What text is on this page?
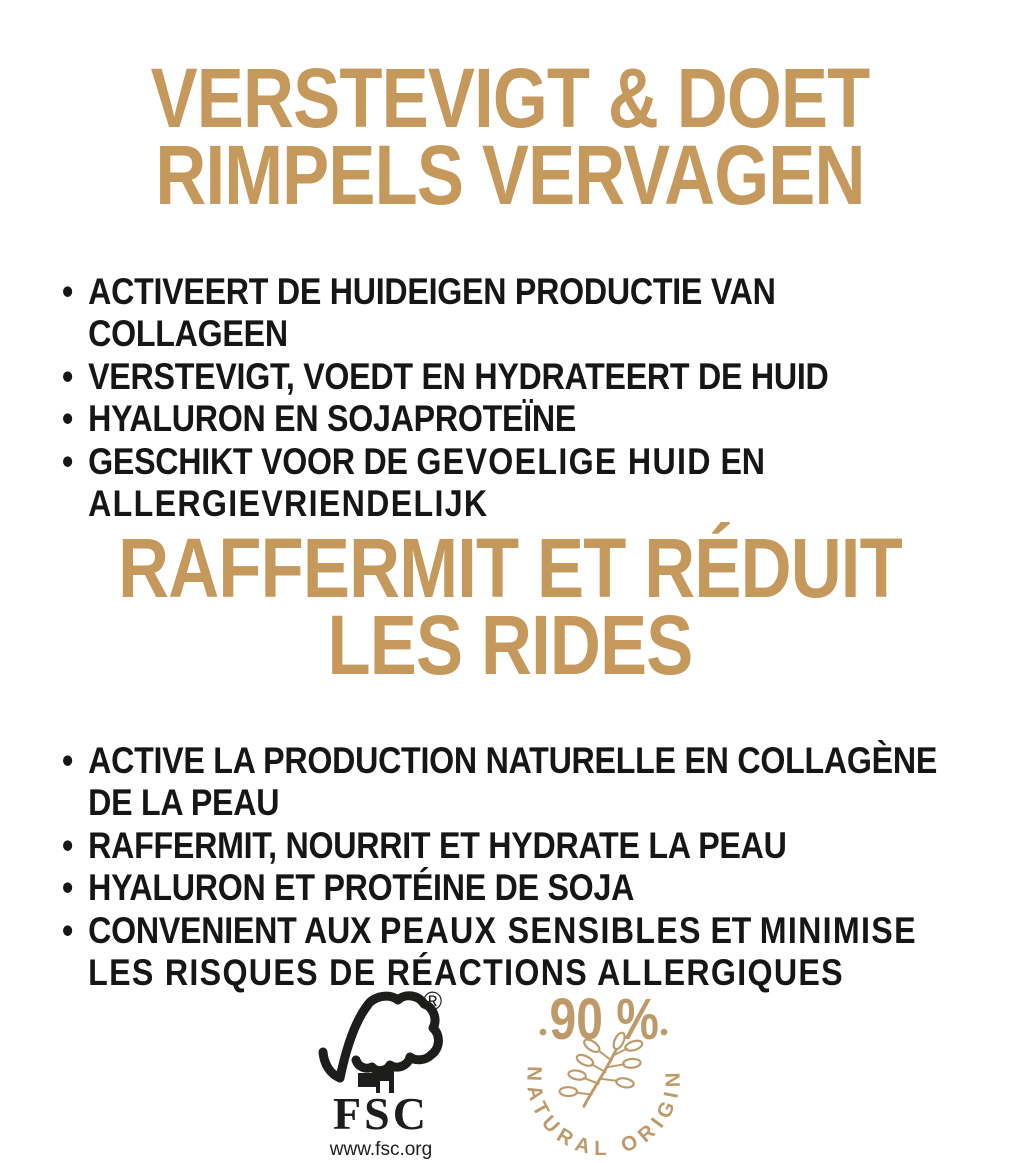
VERSTEVIGT & DOET
RIMPELS VERVAGEN
• ACTIVEERT DE HUIDEIGEN PRODUCTIE VAN
COLLAGEEN
• VERSTEVIGT, VOEDT EN HYDRATEERT DE HUID
• HYALURON EN SOJAPROTEÏNE
• GESCHIKT VOOR DE GEVOELIGE HUID EN
ALLERGIEVRIENDELIJK
RAFFERMIT ET RÉDUIT
LES RIDES
• ACTIVE LA PRODUCTION NATURELLE EN COLLAGÈNE
DE LA PEAU
• RAFFERMIT, NOURRIT ET HYDRATE LA PEAU
• HYALURON ET PROTÉINE DE SOJA
• CONVENIENT AUX PEAUX SENSIBLES ET MINIMISE
LES RISQUES DE RÉACTIONS ALLERGIQUES
®
FSC
www.fsc.org
90 %
NATURAL ORIGIN
